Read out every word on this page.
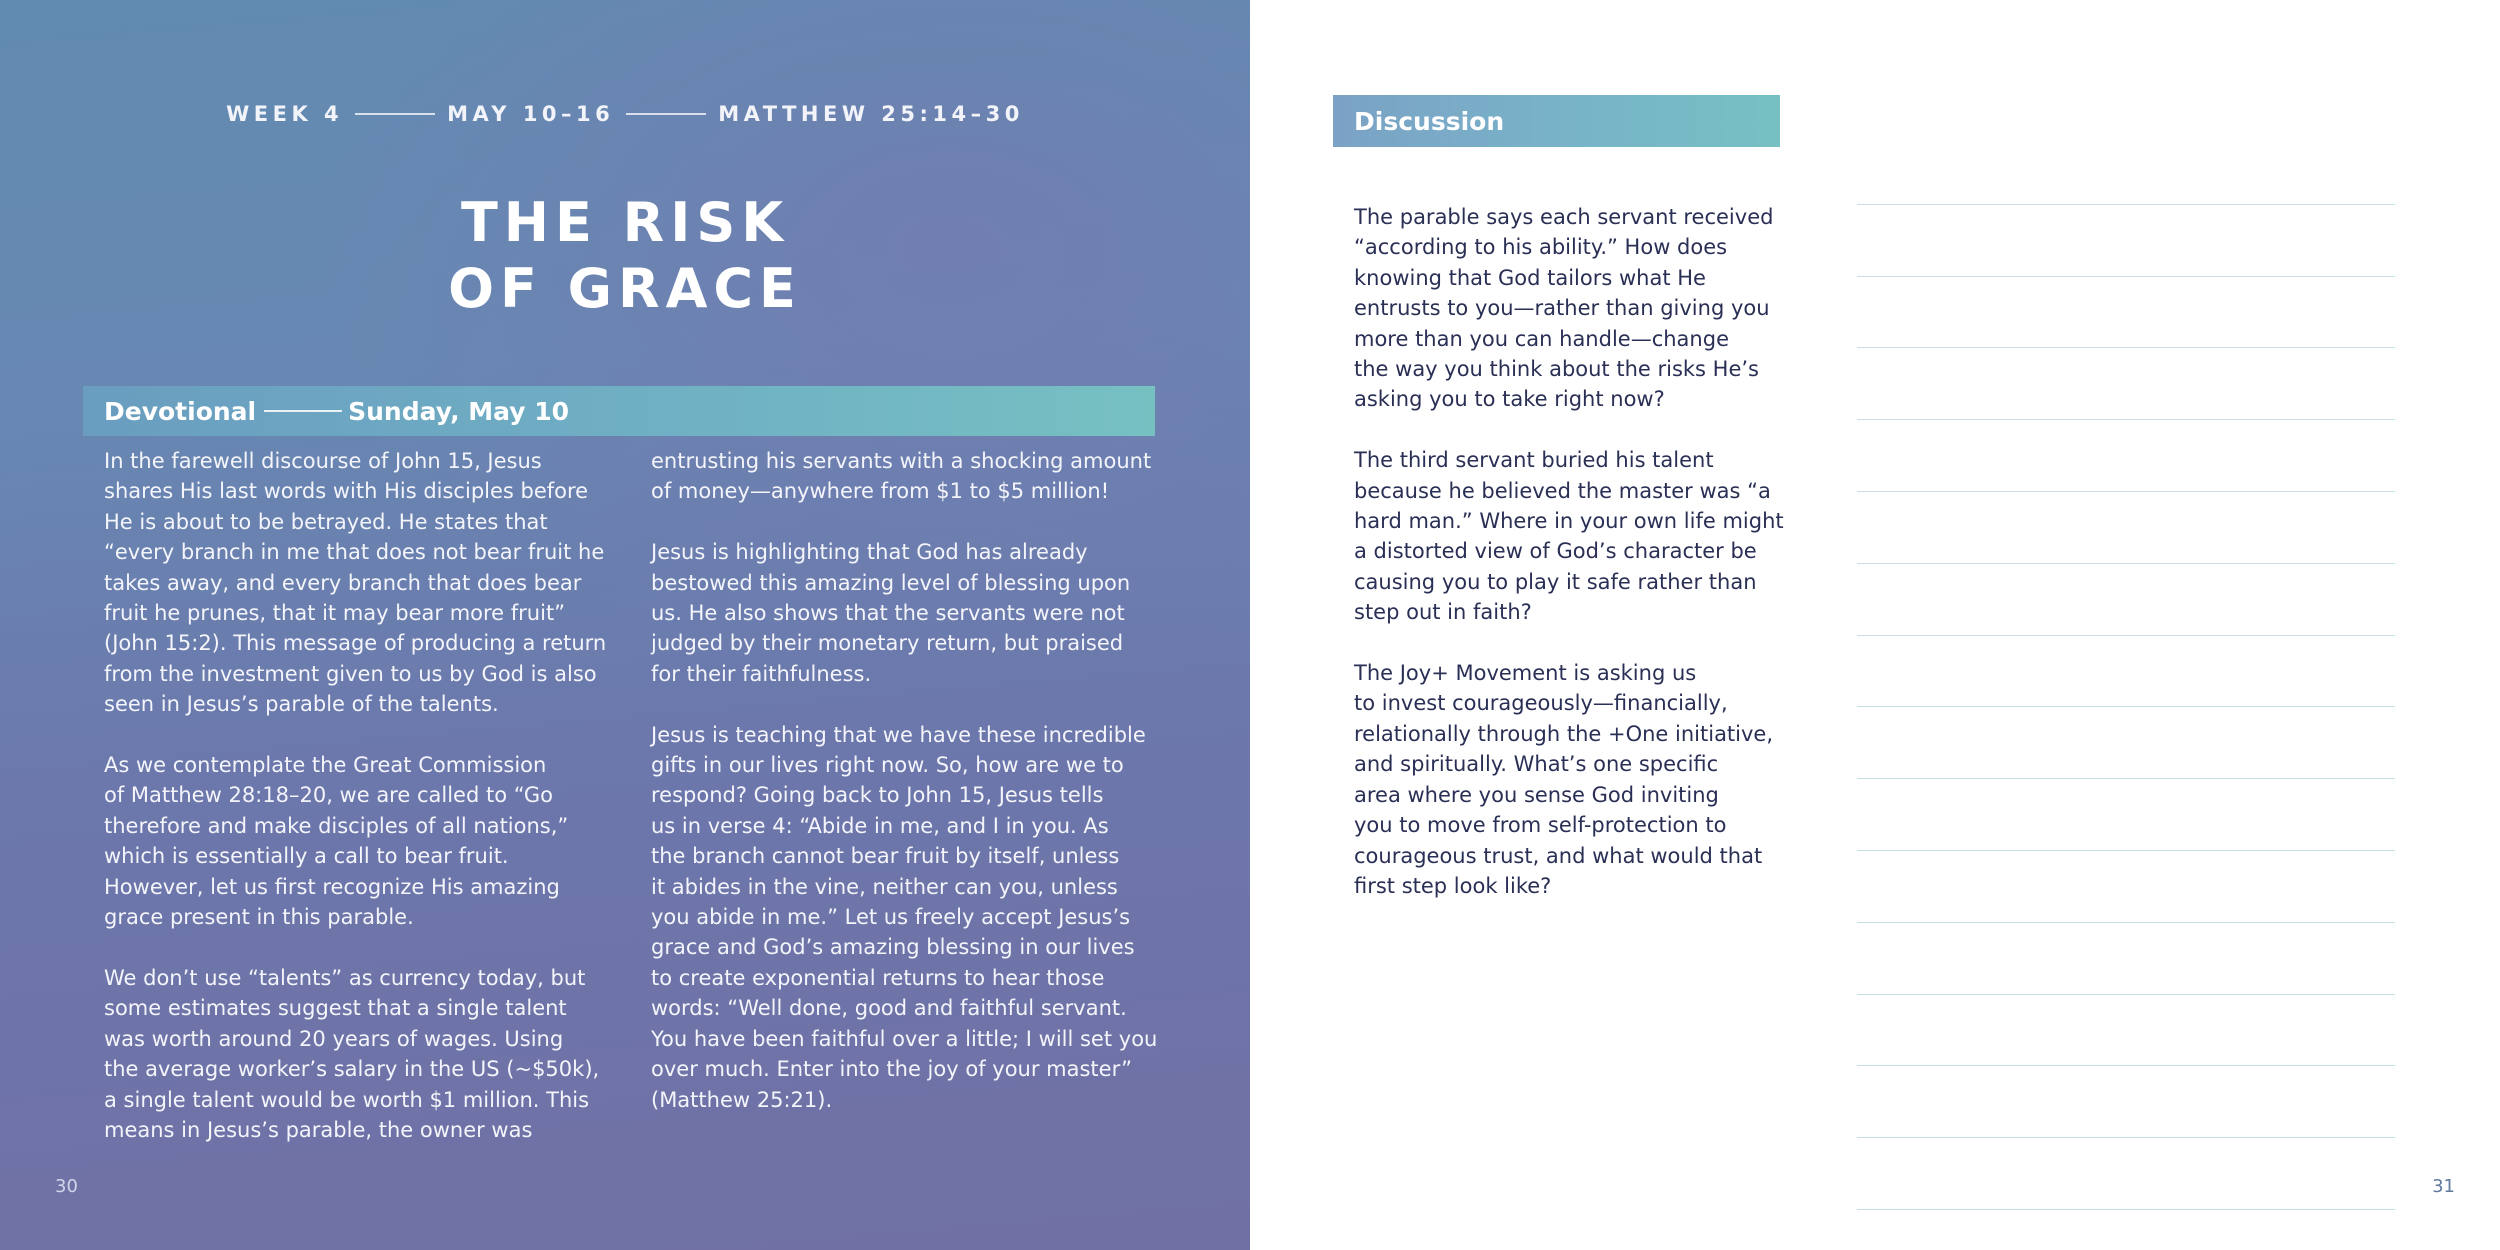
WEEK 4	MAY 10–16	MATTHEW 25:14–30
THE RISK
OF GRACE
Devotional	Sunday, May 10

In the farewell discourse of John 15, Jesus
shares His last words with His disciples before
He is about to be betrayed. He states that
“every branch in me that does not bear fruit he
takes away, and every branch that does bear
fruit he prunes, that it may bear more fruit”
(John 15:2). This message of producing a return
from the investment given to us by God is also
seen in Jesus’s parable of the talents.

As we contemplate the Great Commission
of Matthew 28:18–20, we are called to “Go
therefore and make disciples of all nations,”
which is essentially a call to bear fruit.
However, let us first recognize His amazing
grace present in this parable.

We don’t use “talents” as currency today, but
some estimates suggest that a single talent
was worth around 20 years of wages. Using
the average worker’s salary in the US (~$50k),
a single talent would be worth $1 million. This
means in Jesus’s parable, the owner was

entrusting his servants with a shocking amount
of money—anywhere from $1 to $5 million!

Jesus is highlighting that God has already
bestowed this amazing level of blessing upon
us. He also shows that the servants were not
judged by their monetary return, but praised
for their faithfulness.

Jesus is teaching that we have these incredible
gifts in our lives right now. So, how are we to
respond? Going back to John 15, Jesus tells
us in verse 4: “Abide in me, and I in you. As
the branch cannot bear fruit by itself, unless
it abides in the vine, neither can you, unless
you abide in me.” Let us freely accept Jesus’s
grace and God’s amazing blessing in our lives
to create exponential returns to hear those
words: “Well done, good and faithful servant.
You have been faithful over a little; I will set you
over much. Enter into the joy of your master”
(Matthew 25:21).

30
Discussion

The parable says each servant received
“according to his ability.” How does
knowing that God tailors what He
entrusts to you—rather than giving you
more than you can handle—change
the way you think about the risks He’s
asking you to take right now?

The third servant buried his talent
because he believed the master was “a
hard man.” Where in your own life might
a distorted view of God’s character be
causing you to play it safe rather than
step out in faith?

The Joy+ Movement is asking us
to invest courageously—financially,
relationally through the +One initiative,
and spiritually. What’s one specific
area where you sense God inviting
you to move from self-protection to
courageous trust, and what would that
first step look like?

31
